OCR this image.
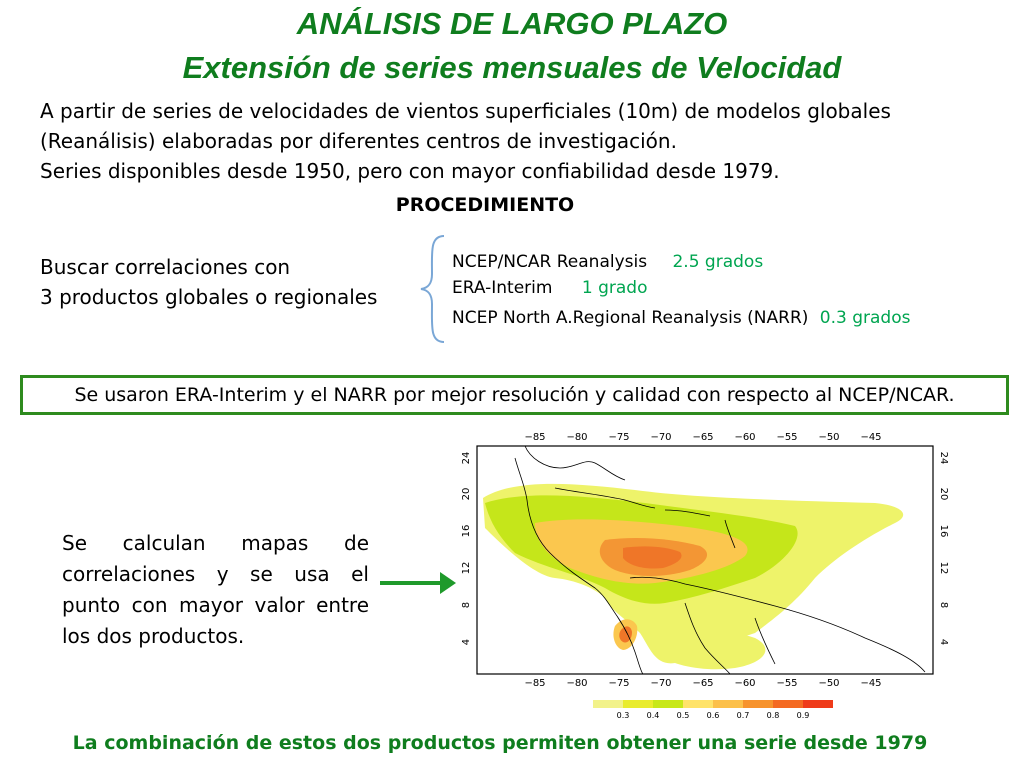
ANÁLISIS DE LARGO PLAZO
Extensión de series mensuales de Velocidad
A partir de series de velocidades de vientos superficiales (10m) de modelos globales
(Reanálisis) elaboradas por diferentes centros de investigación.
Series disponibles desde 1950, pero con mayor confiabilidad desde 1979.
PROCEDIMIENTO
Buscar correlaciones con
3 productos globales o regionales
NCEP/NCAR Reanalysis 2.5 grados
ERA-Interim 1 grado
NCEP North A.Regional Reanalysis (NARR) 0.3 grados
Se usaron ERA-Interim y el NARR por mejor resolución y calidad con respecto al NCEP/NCAR.
Se calculan mapas de correlaciones y se usa el punto con mayor valor entre los dos productos.
−85 −80 −75 −70 −65 −60 −55 −50 −45
−85 −80 −75 −70 −65 −60 −55 −50 −45
24
20
16
12
8
4
24
20
16
12
8
4
0.3 0.4 0.5 0.6 0.7 0.8 0.9
La combinación de estos dos productos permiten obtener una serie desde 1979
